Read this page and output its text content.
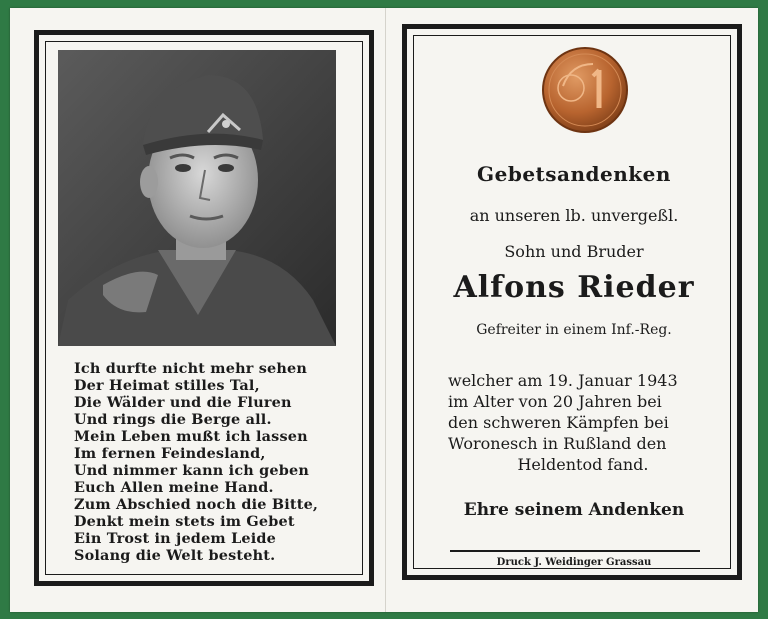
Ich durfte nicht mehr sehen
Der Heimat stilles Tal,
Die Wälder und die Fluren
Und rings die Berge all.
Mein Leben mußt ich lassen
Im fernen Feindesland,
Und nimmer kann ich geben
Euch Allen meine Hand.
Zum Abschied noch die Bitte,
Denkt mein stets im Gebet
Ein Trost in jedem Leide
Solang die Welt besteht.
Gebetsandenken
an unseren lb. unvergeßl.
Sohn und Bruder
Alfons Rieder
Gefreiter in einem Inf.-Reg.
welcher am 19. Januar 1943
im Alter von 20 Jahren bei
den schweren Kämpfen bei
Woronesch in Rußland den
Heldentod fand.
Ehre seinem Andenken
Druck J. Weidinger Grassau
